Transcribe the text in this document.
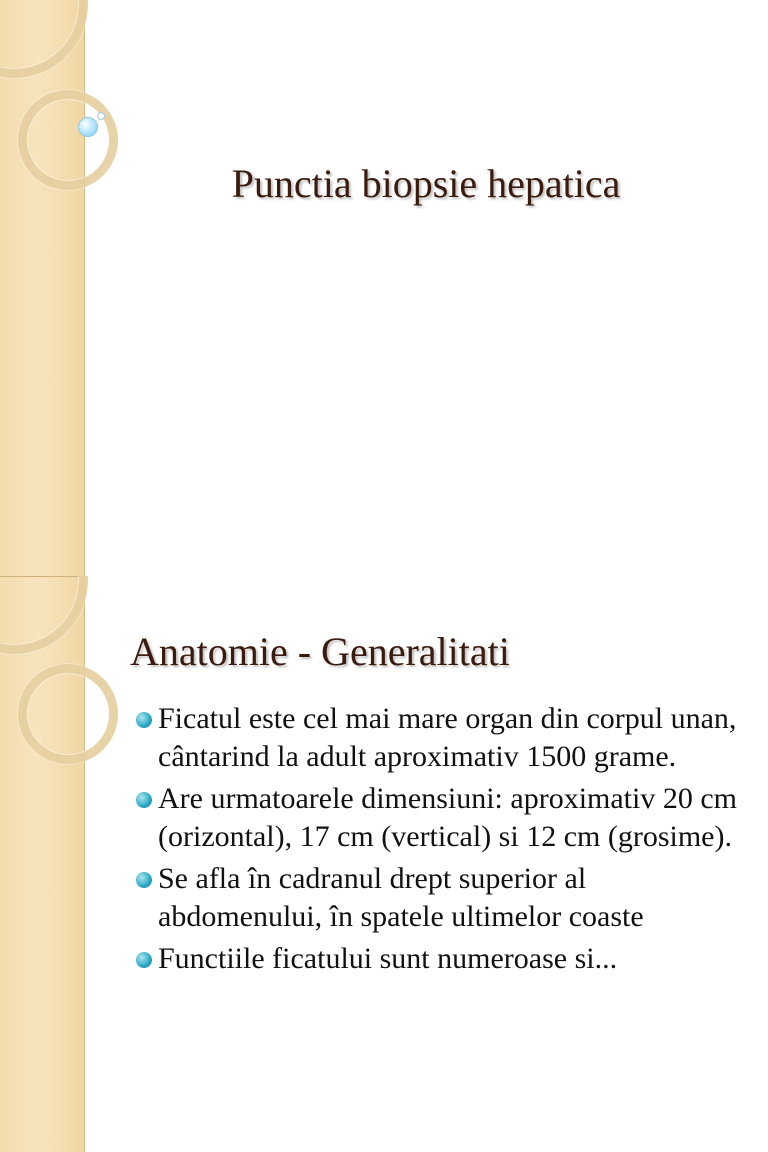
Punctia biopsie hepatica
Anatomie - Generalitati
Ficatul este cel mai mare organ din corpul unan, cântarind la adult aproximativ 1500 grame.
Are urmatoarele dimensiuni: aproximativ 20 cm (orizontal), 17 cm (vertical) si 12 cm (grosime).
Se afla în cadranul drept superior al abdomenului, în spatele ultimelor coaste
Functiile ficatului sunt numeroase si...
